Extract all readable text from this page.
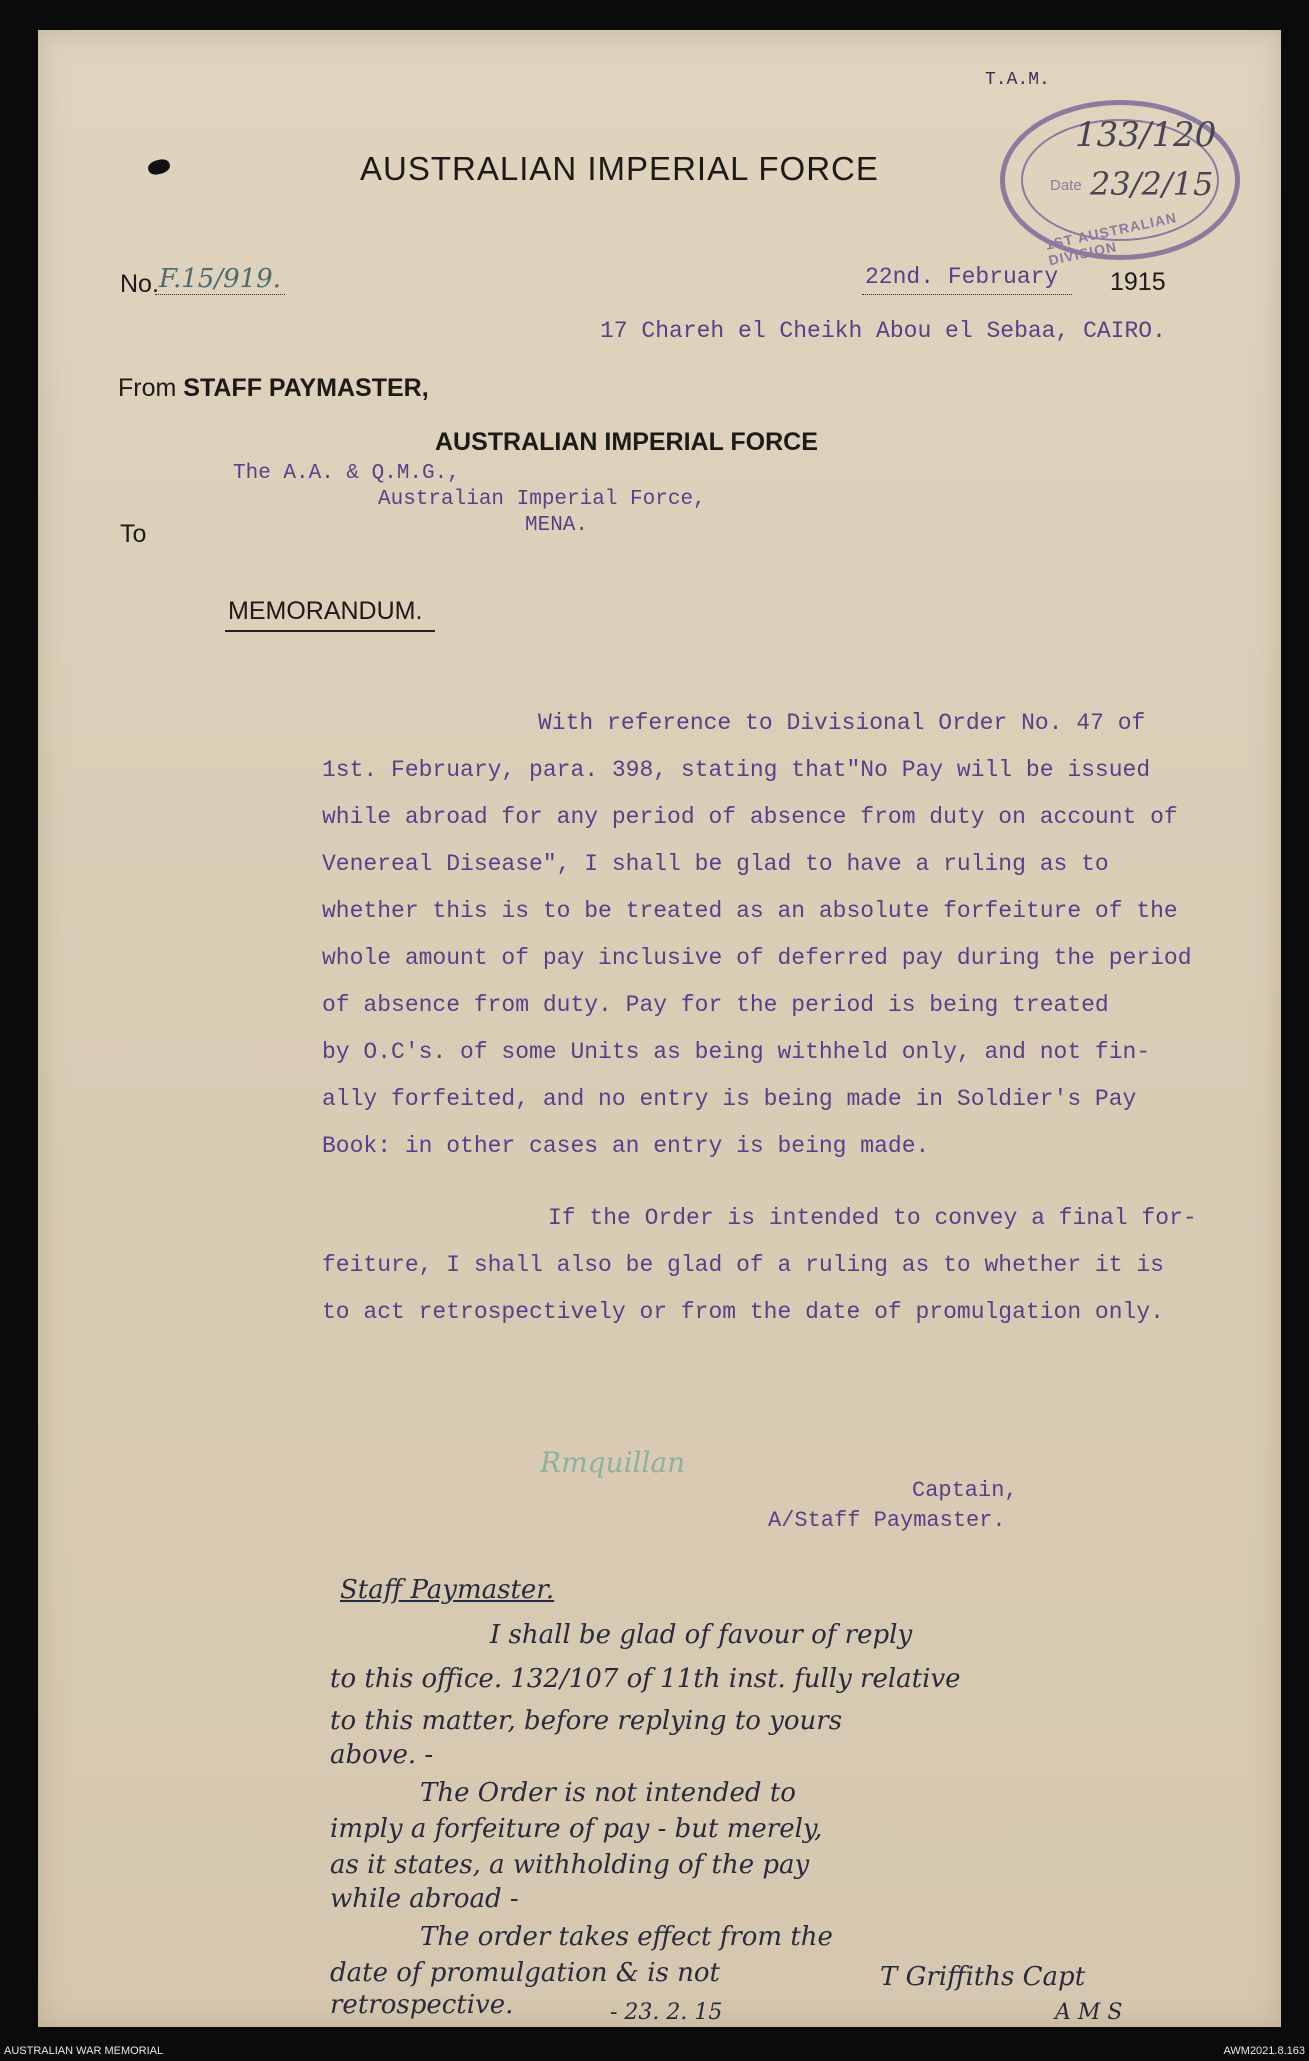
T.A.M.
AUSTRALIAN IMPERIAL FORCE
133/120
Date 23/2/15
1ST AUSTRALIAN DIVISION
No. F.15/919.	22nd. February 1915
17 Chareh el Cheikh Abou el Sebaa, CAIRO.
From STAFF PAYMASTER,
AUSTRALIAN IMPERIAL FORCE
The A.A. & Q.M.G.,
Australian Imperial Force,
MENA.
To
MEMORANDUM.
With reference to Divisional Order No. 47 of
1st. February, para. 398, stating that"No Pay will be issued
while abroad for any period of absence from duty on account of
Venereal Disease", I shall be glad to have a ruling as to
whether this is to be treated as an absolute forfeiture of the
whole amount of pay inclusive of deferred pay during the period
of absence from duty. Pay for the period is being treated
by O.C's. of some Units as being withheld only, and not fin-
ally forfeited, and no entry is being made in Soldier's Pay
Book: in other cases an entry is being made.
If the Order is intended to convey a final for-
feiture, I shall also be glad of a ruling as to whether it is
to act retrospectively or from the date of promulgation only.
Rmquillan
Captain,
A/Staff Paymaster.
Staff Paymaster.
I shall be glad of favour of reply
to this office. 132/107 of 11th inst. fully relative
to this matter, before replying to yours
above. -
The Order is not intended to
imply a forfeiture of pay - but merely,
as it states, a withholding of the pay
while abroad -
The order takes effect from the
date of promulgation & is not
retrospective.
T Griffiths Capt
A M S
- 23. 2. 15
AUSTRALIAN WAR MEMORIAL	AWM2021.8.163
